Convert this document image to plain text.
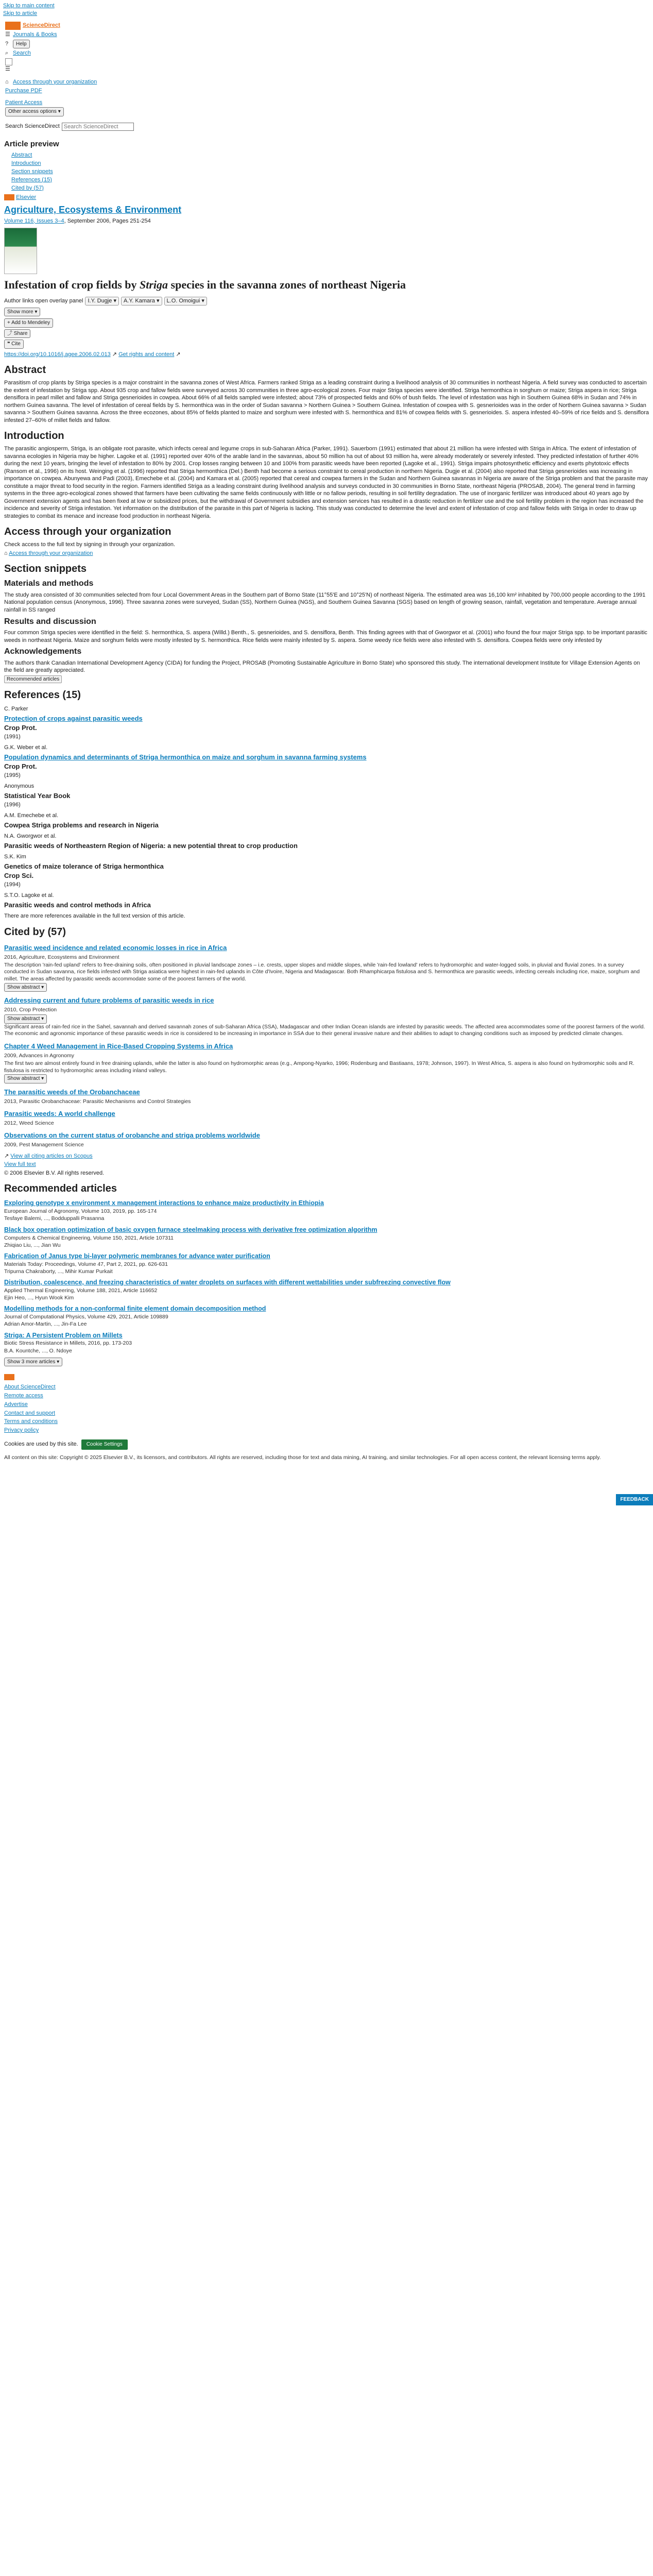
Skip to main content
Skip to article
ScienceDirect
☰ Journals & Books
?	Help
⌕ Search
☰
⌂ Access through your organization
Purchase PDF
Patient Access
Other access options ▾
Search ScienceDirect
Search ScienceDirect
Article preview
Abstract
Introduction
Section snippets
References (15)
Cited by (57)
Elsevier
Agriculture, Ecosystems & Environment
Volume 116, Issues 3–4, September 2006, Pages 251-254
Infestation of crop fields by Striga species in the savanna zones of northeast Nigeria
Author links open overlay panel I.Y. Dugje ▾	A.Y. Kamara ▾	L.O. Omoigui ▾
Show more ▾
+ Add to Mendeley
⤴ Share
❝ Cite
https://doi.org/10.1016/j.agee.2006.02.013 ↗ Get rights and content ↗
Abstract

Parasitism of crop plants by Striga species is a major constraint in the savanna zones of West Africa. Farmers ranked Striga as a leading constraint during a livelihood analysis of 30 communities in northeast Nigeria. A field survey was conducted to ascertain the extent of infestation by Striga spp. About 935 crop and fallow fields were surveyed across 30 communities in three agro-ecological zones. Four major Striga species were identified. Striga hermonthica in sorghum or maize; Striga aspera in rice; Striga densiflora in pearl millet and fallow and Striga gesnerioides in cowpea. About 66% of all fields sampled were infested; about 73% of prospected fields and 60% of bush fields. The level of infestation was high in Southern Guinea 68% in Sudan and 74% in northern Guinea savanna. The level of infestation of cereal fields by S. hermonthica was in the order of Sudan savanna > Northern Guinea > Southern Guinea. Infestation of cowpea with S. gesnerioides was in the order of Northern Guinea savanna > Sudan savanna > Southern Guinea savanna. Across the three ecozones, about 85% of fields planted to maize and sorghum were infested with S. hermonthica and 81% of cowpea fields with S. gesnerioides. S. aspera infested 40–59% of rice fields and S. densiflora infested 27–60% of millet fields and fallow.

Introduction

The parasitic angiosperm, Striga, is an obligate root parasite, which infects cereal and legume crops in sub-Saharan Africa (Parker, 1991). Sauerborn (1991) estimated that about 21 million ha were infested with Striga in Africa. The extent of infestation of savanna ecologies in Nigeria may be higher. Lagoke et al. (1991) reported over 40% of the arable land in the savannas, about 50 million ha out of about 93 million ha, were already moderately or severely infested. They predicted infestation of further 40% during the next 10 years, bringing the level of infestation to 80% by 2001. Crop losses ranging between 10 and 100% from parasitic weeds have been reported (Lagoke et al., 1991). Striga impairs photosynthetic efficiency and exerts phytotoxic effects (Ransom et al., 1996) on its host. Weinging et al. (1996) reported that Striga hermonthica (Del.) Benth had become a serious constraint to cereal production in northern Nigeria. Dugje et al. (2004) also reported that Striga gesnerioides was increasing in importance on cowpea. Abunyewa and Padi (2003), Emechebe et al. (2004) and Kamara et al. (2005) reported that cereal and cowpea farmers in the Sudan and Northern Guinea savannas in Nigeria are aware of the Striga problem and that the parasite may constitute a major threat to food security in the region. Farmers identified Striga as a leading constraint during livelihood analysis and surveys conducted in 30 communities in Borno State, northeast Nigeria (PROSAB, 2004). The general trend in farming systems in the three agro-ecological zones showed that farmers have been cultivating the same fields continuously with little or no fallow periods, resulting in soil fertility degradation. The use of inorganic fertilizer was introduced about 40 years ago by Government extension agents and has been fixed at low or subsidized prices, but the withdrawal of Government subsidies and extension services has resulted in a drastic reduction in fertilizer use and the soil fertility problem in the region has increased the incidence and severity of Striga infestation. Yet information on the distribution of the parasite in this part of Nigeria is lacking. This study was conducted to determine the level and extent of infestation of crop and fallow fields with Striga in order to draw up strategies to combat its menace and increase food production in northeast Nigeria.

Access through your organization

Check access to the full text by signing in through your organization.

⌂ Access through your organization
Section snippets
Materials and methods

The study area consisted of 30 communities selected from four Local Government Areas in the Southern part of Borno State (11°55'E and 10°25'N) of northeast Nigeria. The estimated area was 16,100 km² inhabited by 700,000 people according to the 1991 National population census (Anonymous, 1996). Three savanna zones were surveyed, Sudan (SS), Northern Guinea (NGS), and Southern Guinea Savanna (SGS) based on length of growing season, rainfall, vegetation and temperature. Average annual rainfall in SS ranged

Results and discussion

Four common Striga species were identified in the field: S. hermonthica, S. aspera (Willd.) Benth., S. gesnerioides, and S. densiflora, Benth. This finding agrees with that of Gworgwor et al. (2001) who found the four major Striga spp. to be important parasitic weeds in northeast Nigeria. Maize and sorghum fields were mostly infested by S. hermonthica. Rice fields were mainly infested by S. aspera. Some weedy rice fields were also infested with S. densiflora. Cowpea fields were only infested by

Acknowledgements

The authors thank Canadian International Development Agency (CIDA) for funding the Project, PROSAB (Promoting Sustainable Agriculture in Borno State) who sponsored this study. The international development Institute for Village Extension Agents on the field are greatly appreciated.

Recommended articles
References (15)
C. Parker
Protection of crops against parasitic weeds
Crop Prot.
(1991)
G.K. Weber et al.
Population dynamics and determinants of Striga hermonthica on maize and sorghum in savanna farming systems
Crop Prot.
(1995)
Anonymous
Statistical Year Book
(1996)
A.M. Emechebe et al.
Cowpea Striga problems and research in Nigeria
N.A. Gworgwor et al.
Parasitic weeds of Northeastern Region of Nigeria: a new potential threat to crop production
S.K. Kim
Genetics of maize tolerance of Striga hermonthica
Crop Sci.
(1994)
S.T.O. Lagoke et al.
Parasitic weeds and control methods in Africa

There are more references available in the full text version of this article.

Cited by (57)
Parasitic weed incidence and related economic losses in rice in Africa
2016, Agriculture, Ecosystems and Environment

The description 'rain-fed upland' refers to free-draining soils, often positioned in pluvial landscape zones – i.e. crests, upper slopes and middle slopes, while 'rain-fed lowland' refers to hydromorphic and water-logged soils, in pluvial and fluvial zones. In a survey conducted in Sudan savanna, rice fields infested with Striga asiatica were highest in rain-fed uplands in Côte d'Ivoire, Nigeria and Madagascar. Both Rhamphicarpa fistulosa and S. hermonthica are parasitic weeds, infecting cereals including rice, maize, sorghum and millet. The areas affected by parasitic weeds accommodate some of the poorest farmers of the world.

Show abstract ▾
Addressing current and future problems of parasitic weeds in rice
2010, Crop Protection
Show abstract ▾

Significant areas of rain-fed rice in the Sahel, savannah and derived savannah zones of sub-Saharan Africa (SSA), Madagascar and other Indian Ocean islands are infested by parasitic weeds. The affected area accommodates some of the poorest farmers of the world. The economic and agronomic importance of these parasitic weeds in rice is considered to be increasing in importance in SSA due to their general invasive nature and their abilities to adapt to changing conditions such as imposed by predicted climate changes.

Chapter 4 Weed Management in Rice-Based Cropping Systems in Africa
2009, Advances in Agronomy

The first two are almost entirely found in free draining uplands, while the latter is also found on hydromorphic areas (e.g., Ampong-Nyarko, 1996; Rodenburg and Bastiaans, 1978; Johnson, 1997). In West Africa, S. aspera is also found on hydromorphic soils and R. fistulosa is restricted to hydromorphic areas including inland valleys.

Show abstract ▾
The parasitic weeds of the Orobanchaceae
2013, Parasitic Orobanchaceae: Parasitic Mechanisms and Control Strategies
Parasitic weeds: A world challenge
2012, Weed Science
Observations on the current status of orobanche and striga problems worldwide
2009, Pest Management Science
↗ View all citing articles on Scopus
View full text

© 2006 Elsevier B.V. All rights reserved.

Recommended articles
Exploring genotype x environment x management interactions to enhance maize productivity in Ethiopia
European Journal of Agronomy, Volume 103, 2019, pp. 165-174
Tesfaye Balemi, ..., Bodduppalli Prasanna
Black box operation optimization of basic oxygen furnace steelmaking process with derivative free optimization algorithm
Computers & Chemical Engineering, Volume 150, 2021, Article 107311
Zhiqiao Liu, ..., Jian Wu
Fabrication of Janus type bi-layer polymeric membranes for advance water purification
Materials Today: Proceedings, Volume 47, Part 2, 2021, pp. 626-631
Tripurna Chakraborty, ..., Mihir Kumar Purkait
Distribution, coalescence, and freezing characteristics of water droplets on surfaces with different wettabilities under subfreezing convective flow
Applied Thermal Engineering, Volume 188, 2021, Article 116652
Ejin Heo, ..., Hyun Wook Kim
Modelling methods for a non-conformal finite element domain decomposition method
Journal of Computational Physics, Volume 429, 2021, Article 109889
Adrian Amor-Martin, ..., Jin-Fa Lee
Striga: A Persistent Problem on Millets
Biotic Stress Resistance in Millets, 2016, pp. 173-203
B.A. Kountche, ..., O. Ndoye
Show 3 more articles ▾
About ScienceDirect
Remote access
Advertise
Contact and support
Terms and conditions
Privacy policy
Cookies are used by this site.	Cookie Settings

All content on this site: Copyright © 2025 Elsevier B.V., its licensors, and contributors. All rights are reserved, including those for text and data mining, AI training, and similar technologies. For all open access content, the relevant licensing terms apply.

FEEDBACK
